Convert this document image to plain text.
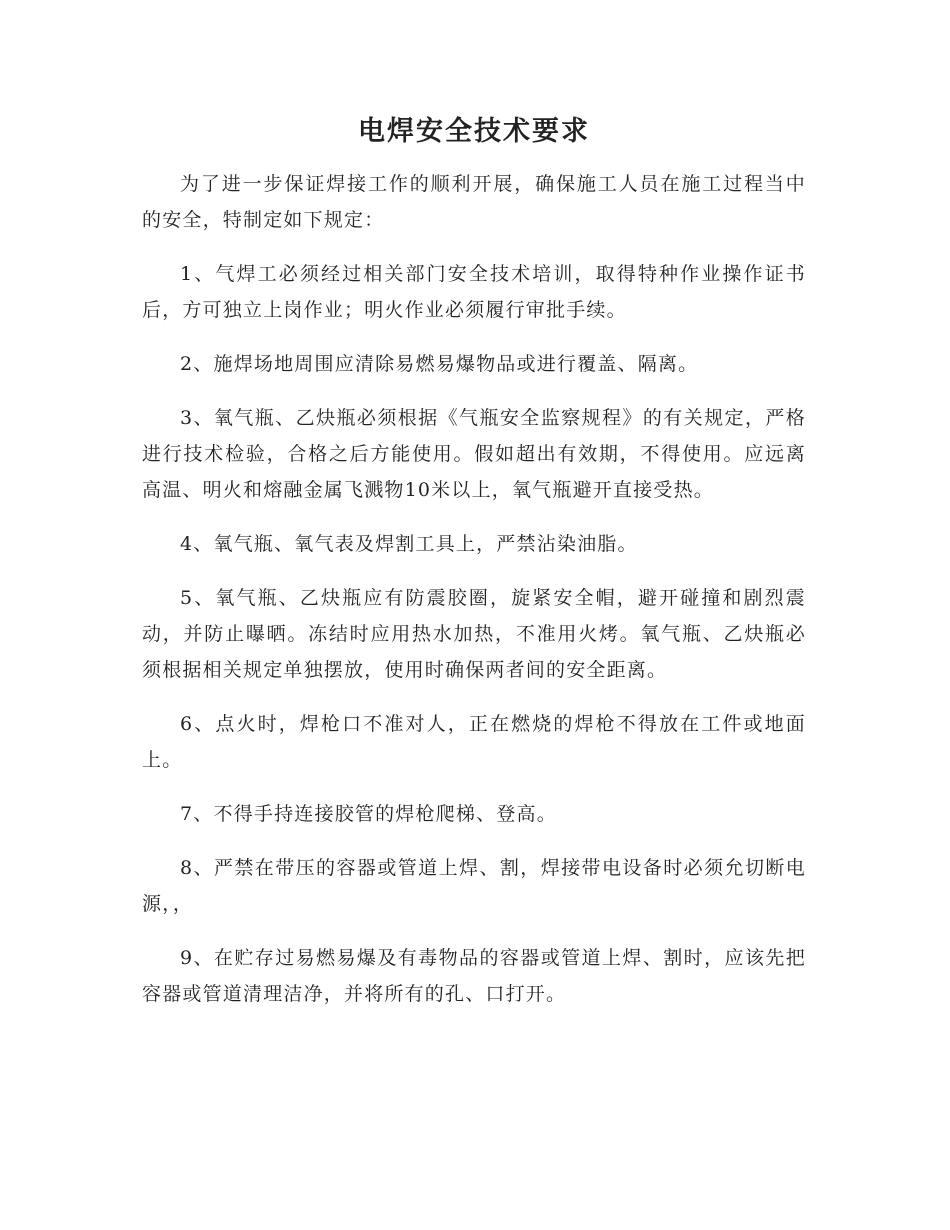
电焊安全技术要求

为了进一步保证焊接工作的顺利开展，确保施工人员在施工过程当中的安全，特制定如下规定：

1、气焊工必须经过相关部门安全技术培训，取得特种作业操作证书后，方可独立上岗作业；明火作业必须履行审批手续。

2、施焊场地周围应清除易燃易爆物品或进行覆盖、隔离。

3、氧气瓶、乙炔瓶必须根据《气瓶安全监察规程》的有关规定，严格进行技术检验，合格之后方能使用。假如超出有效期，不得使用。应远离高温、明火和熔融金属飞溅物10米以上，氧气瓶避开直接受热。

4、氧气瓶、氧气表及焊割工具上，严禁沾染油脂。

5、氧气瓶、乙炔瓶应有防震胶圈，旋紧安全帽，避开碰撞和剧烈震动，并防止曝晒。冻结时应用热水加热，不准用火烤。氧气瓶、乙炔瓶必须根据相关规定单独摆放，使用时确保两者间的安全距离。

6、点火时，焊枪口不准对人，正在燃烧的焊枪不得放在工件或地面上。

7、不得手持连接胶管的焊枪爬梯、登高。

8、严禁在带压的容器或管道上焊、割，焊接带电设备时必须允切断电源，，

9、在贮存过易燃易爆及有毒物品的容器或管道上焊、割时，应该先把容器或管道清理洁净，并将所有的孔、口打开。
